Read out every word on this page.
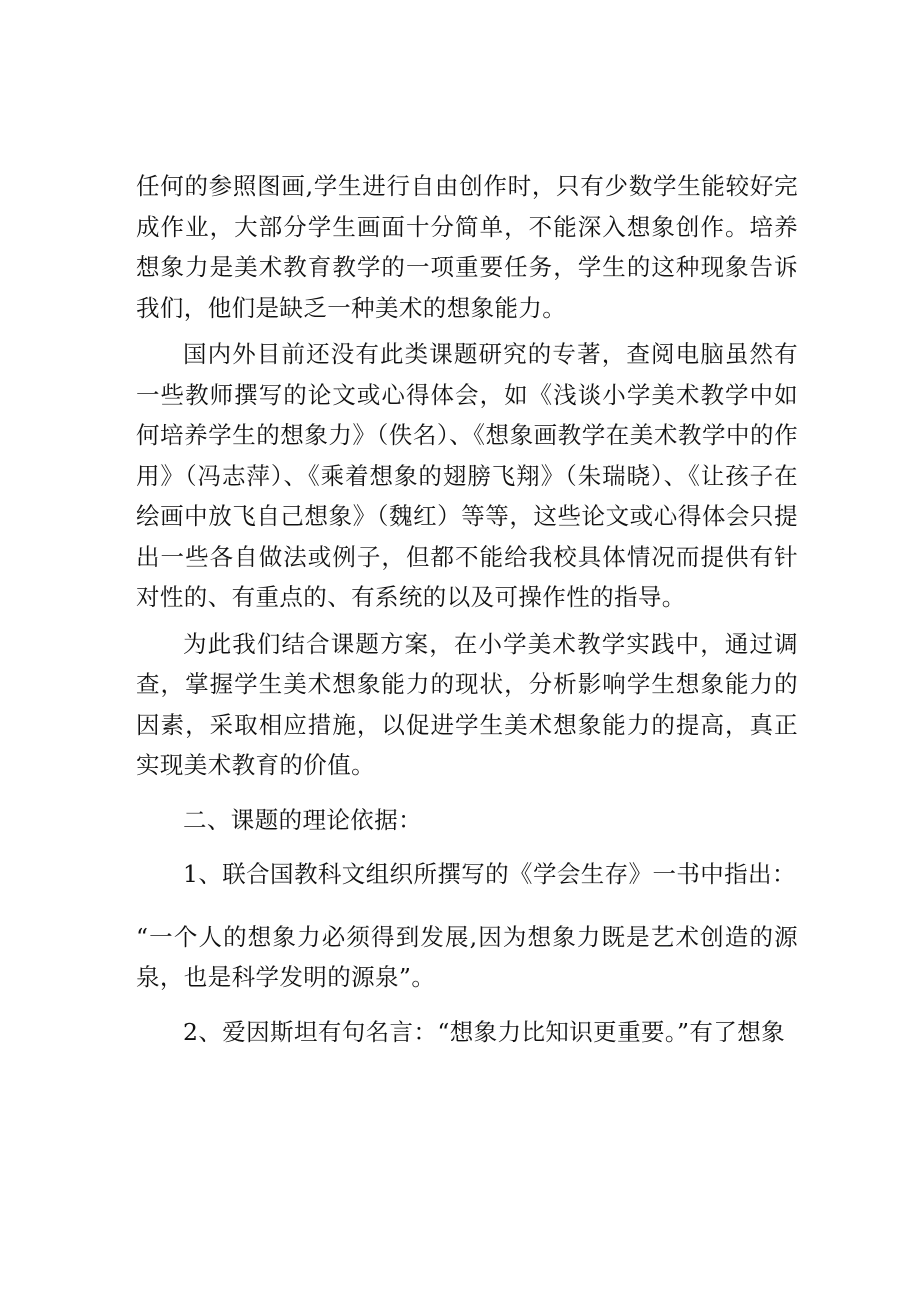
任何的参照图画,学生进行自由创作时，只有少数学生能较好完成作业，大部分学生画面十分简单，不能深入想象创作。培养想象力是美术教育教学的一项重要任务，学生的这种现象告诉我们，他们是缺乏一种美术的想象能力。

国内外目前还没有此类课题研究的专著，查阅电脑虽然有一些教师撰写的论文或心得体会，如《浅谈小学美术教学中如何培养学生的想象力》（佚名）、《想象画教学在美术教学中的作用》（冯志萍）、《乘着想象的翅膀飞翔》（朱瑞晓）、《让孩子在绘画中放飞自己想象》（魏红）等等，这些论文或心得体会只提出一些各自做法或例子，但都不能给我校具体情况而提供有针对性的、有重点的、有系统的以及可操作性的指导。

为此我们结合课题方案，在小学美术教学实践中，通过调查，掌握学生美术想象能力的现状，分析影响学生想象能力的因素，采取相应措施，以促进学生美术想象能力的提高，真正实现美术教育的价值。

二、课题的理论依据：

1、联合国教科文组织所撰写的《学会生存》一书中指出：

“一个人的想象力必须得到发展,因为想象力既是艺术创造的源泉，也是科学发明的源泉”。

2、爱因斯坦有句名言：“想象力比知识更重要。”有了想象
